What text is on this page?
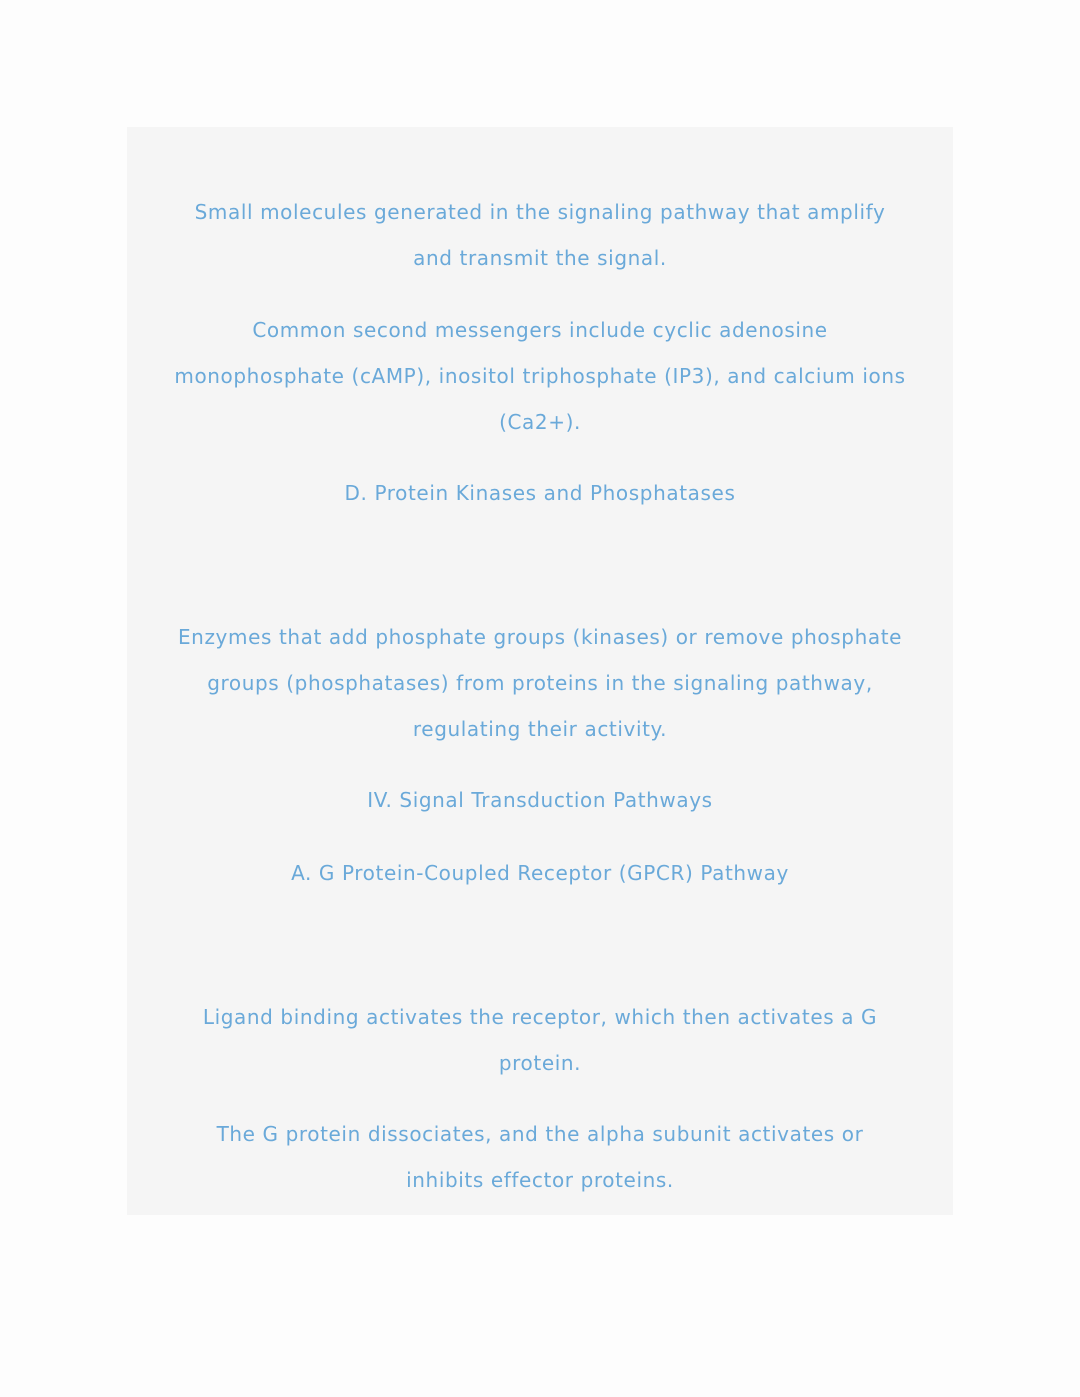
Small molecules generated in the signaling pathway that amplify
and transmit the signal.

Common second messengers include cyclic adenosine
monophosphate (cAMP), inositol triphosphate (IP3), and calcium ions
(Ca2+).

D. Protein Kinases and Phosphatases

Enzymes that add phosphate groups (kinases) or remove phosphate
groups (phosphatases) from proteins in the signaling pathway,
regulating their activity.

IV. Signal Transduction Pathways

A. G Protein-Coupled Receptor (GPCR) Pathway

Ligand binding activates the receptor, which then activates a G
protein.

The G protein dissociates, and the alpha subunit activates or
inhibits effector proteins.
